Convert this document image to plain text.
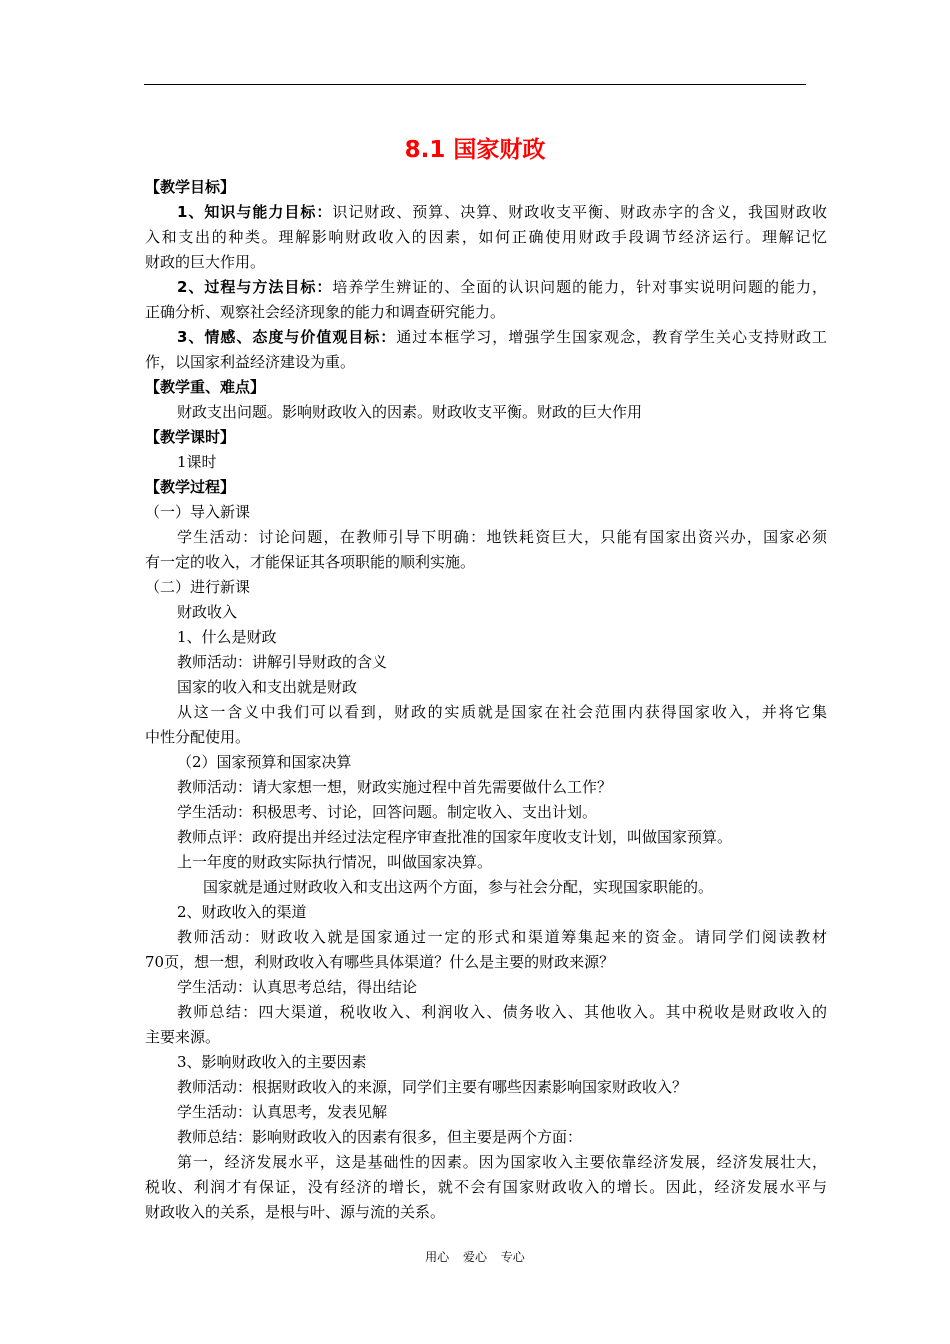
8.1 国家财政
【教学目标】
1、知识与能力目标：识记财政、预算、决算、财政收支平衡、财政赤字的含义，我国财政收
入和支出的种类。理解影响财政收入的因素，如何正确使用财政手段调节经济运行。理解记忆
财政的巨大作用。
2、过程与方法目标：培养学生辨证的、全面的认识问题的能力，针对事实说明问题的能力，
正确分析、观察社会经济现象的能力和调查研究能力。
3、情感、态度与价值观目标：通过本框学习，增强学生国家观念，教育学生关心支持财政工
作，以国家利益经济建设为重。
【教学重、难点】
财政支出问题。影响财政收入的因素。财政收支平衡。财政的巨大作用
【教学课时】
1课时
【教学过程】
（一）导入新课
学生活动：讨论问题，在教师引导下明确：地铁耗资巨大，只能有国家出资兴办，国家必须
有一定的收入，才能保证其各项职能的顺利实施。
（二）进行新课
财政收入
1、什么是财政
教师活动：讲解引导财政的含义
国家的收入和支出就是财政
从这一含义中我们可以看到，财政的实质就是国家在社会范围内获得国家收入，并将它集
中性分配使用。
（2）国家预算和国家决算
教师活动：请大家想一想，财政实施过程中首先需要做什么工作？
学生活动：积极思考、讨论，回答问题。制定收入、支出计划。
教师点评：政府提出并经过法定程序审查批准的国家年度收支计划，叫做国家预算。
上一年度的财政实际执行情况，叫做国家决算。
国家就是通过财政收入和支出这两个方面，参与社会分配，实现国家职能的。
2、财政收入的渠道
教师活动：财政收入就是国家通过一定的形式和渠道筹集起来的资金。请同学们阅读教材
70页，想一想，利财政收入有哪些具体渠道？什么是主要的财政来源？
学生活动：认真思考总结，得出结论
教师总结：四大渠道，税收收入、利润收入、债务收入、其他收入。其中税收是财政收入的
主要来源。
3、影响财政收入的主要因素
教师活动：根据财政收入的来源，同学们主要有哪些因素影响国家财政收入？
学生活动：认真思考，发表见解
教师总结：影响财政收入的因素有很多，但主要是两个方面：
第一，经济发展水平，这是基础性的因素。因为国家收入主要依靠经济发展，经济发展壮大，
税收、利润才有保证，没有经济的增长，就不会有国家财政收入的增长。因此，经济发展水平与
财政收入的关系，是根与叶、源与流的关系。
用心 爱心 专心
